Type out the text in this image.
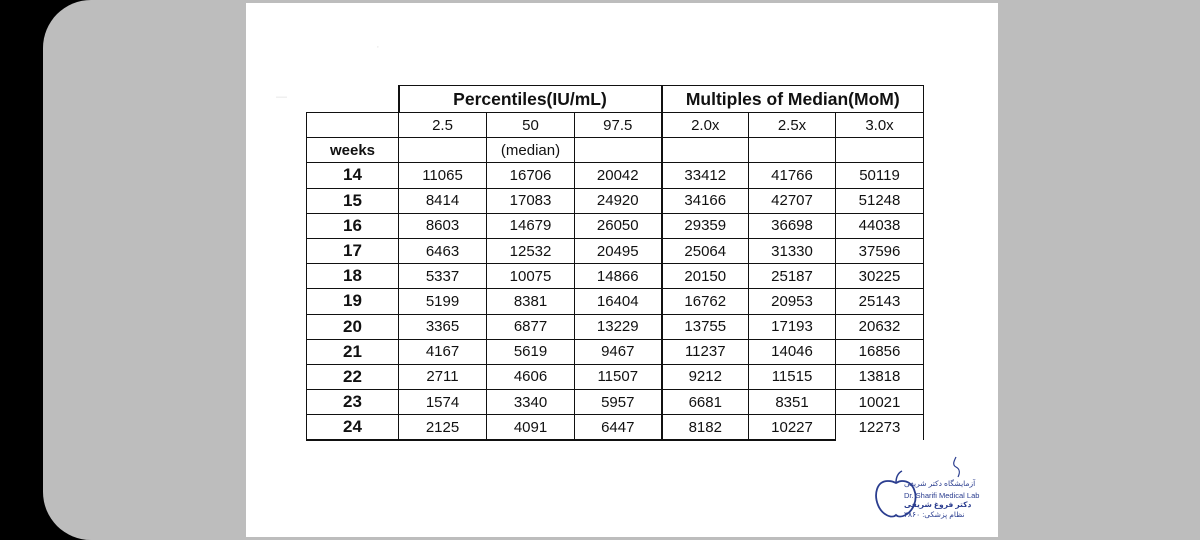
—
·
	Percentiles(IU/mL)			Multiples of Median(MoM)		
	2.5	50	97.5	2.0x	2.5x	3.0x
weeks		(median)				
14	11065	16706	20042	33412	41766	50119
15	8414	17083	24920	34166	42707	51248
16	8603	14679	26050	29359	36698	44038
17	6463	12532	20495	25064	31330	37596
18	5337	10075	14866	20150	25187	30225
19	5199	8381	16404	16762	20953	25143
20	3365	6877	13229	13755	17193	20632
21	4167	5619	9467	11237	14046	16856
22	2711	4606	11507	9212	11515	13818
23	1574	3340	5957	6681	8351	10021
24	2125	4091	6447	8182	10227	12273
آزمایشگاه دکتر شریفی
Dr. Sharifi Medical Lab
دکتر فروغ شریفی
نظام پزشکی: ۳۸۶۰
